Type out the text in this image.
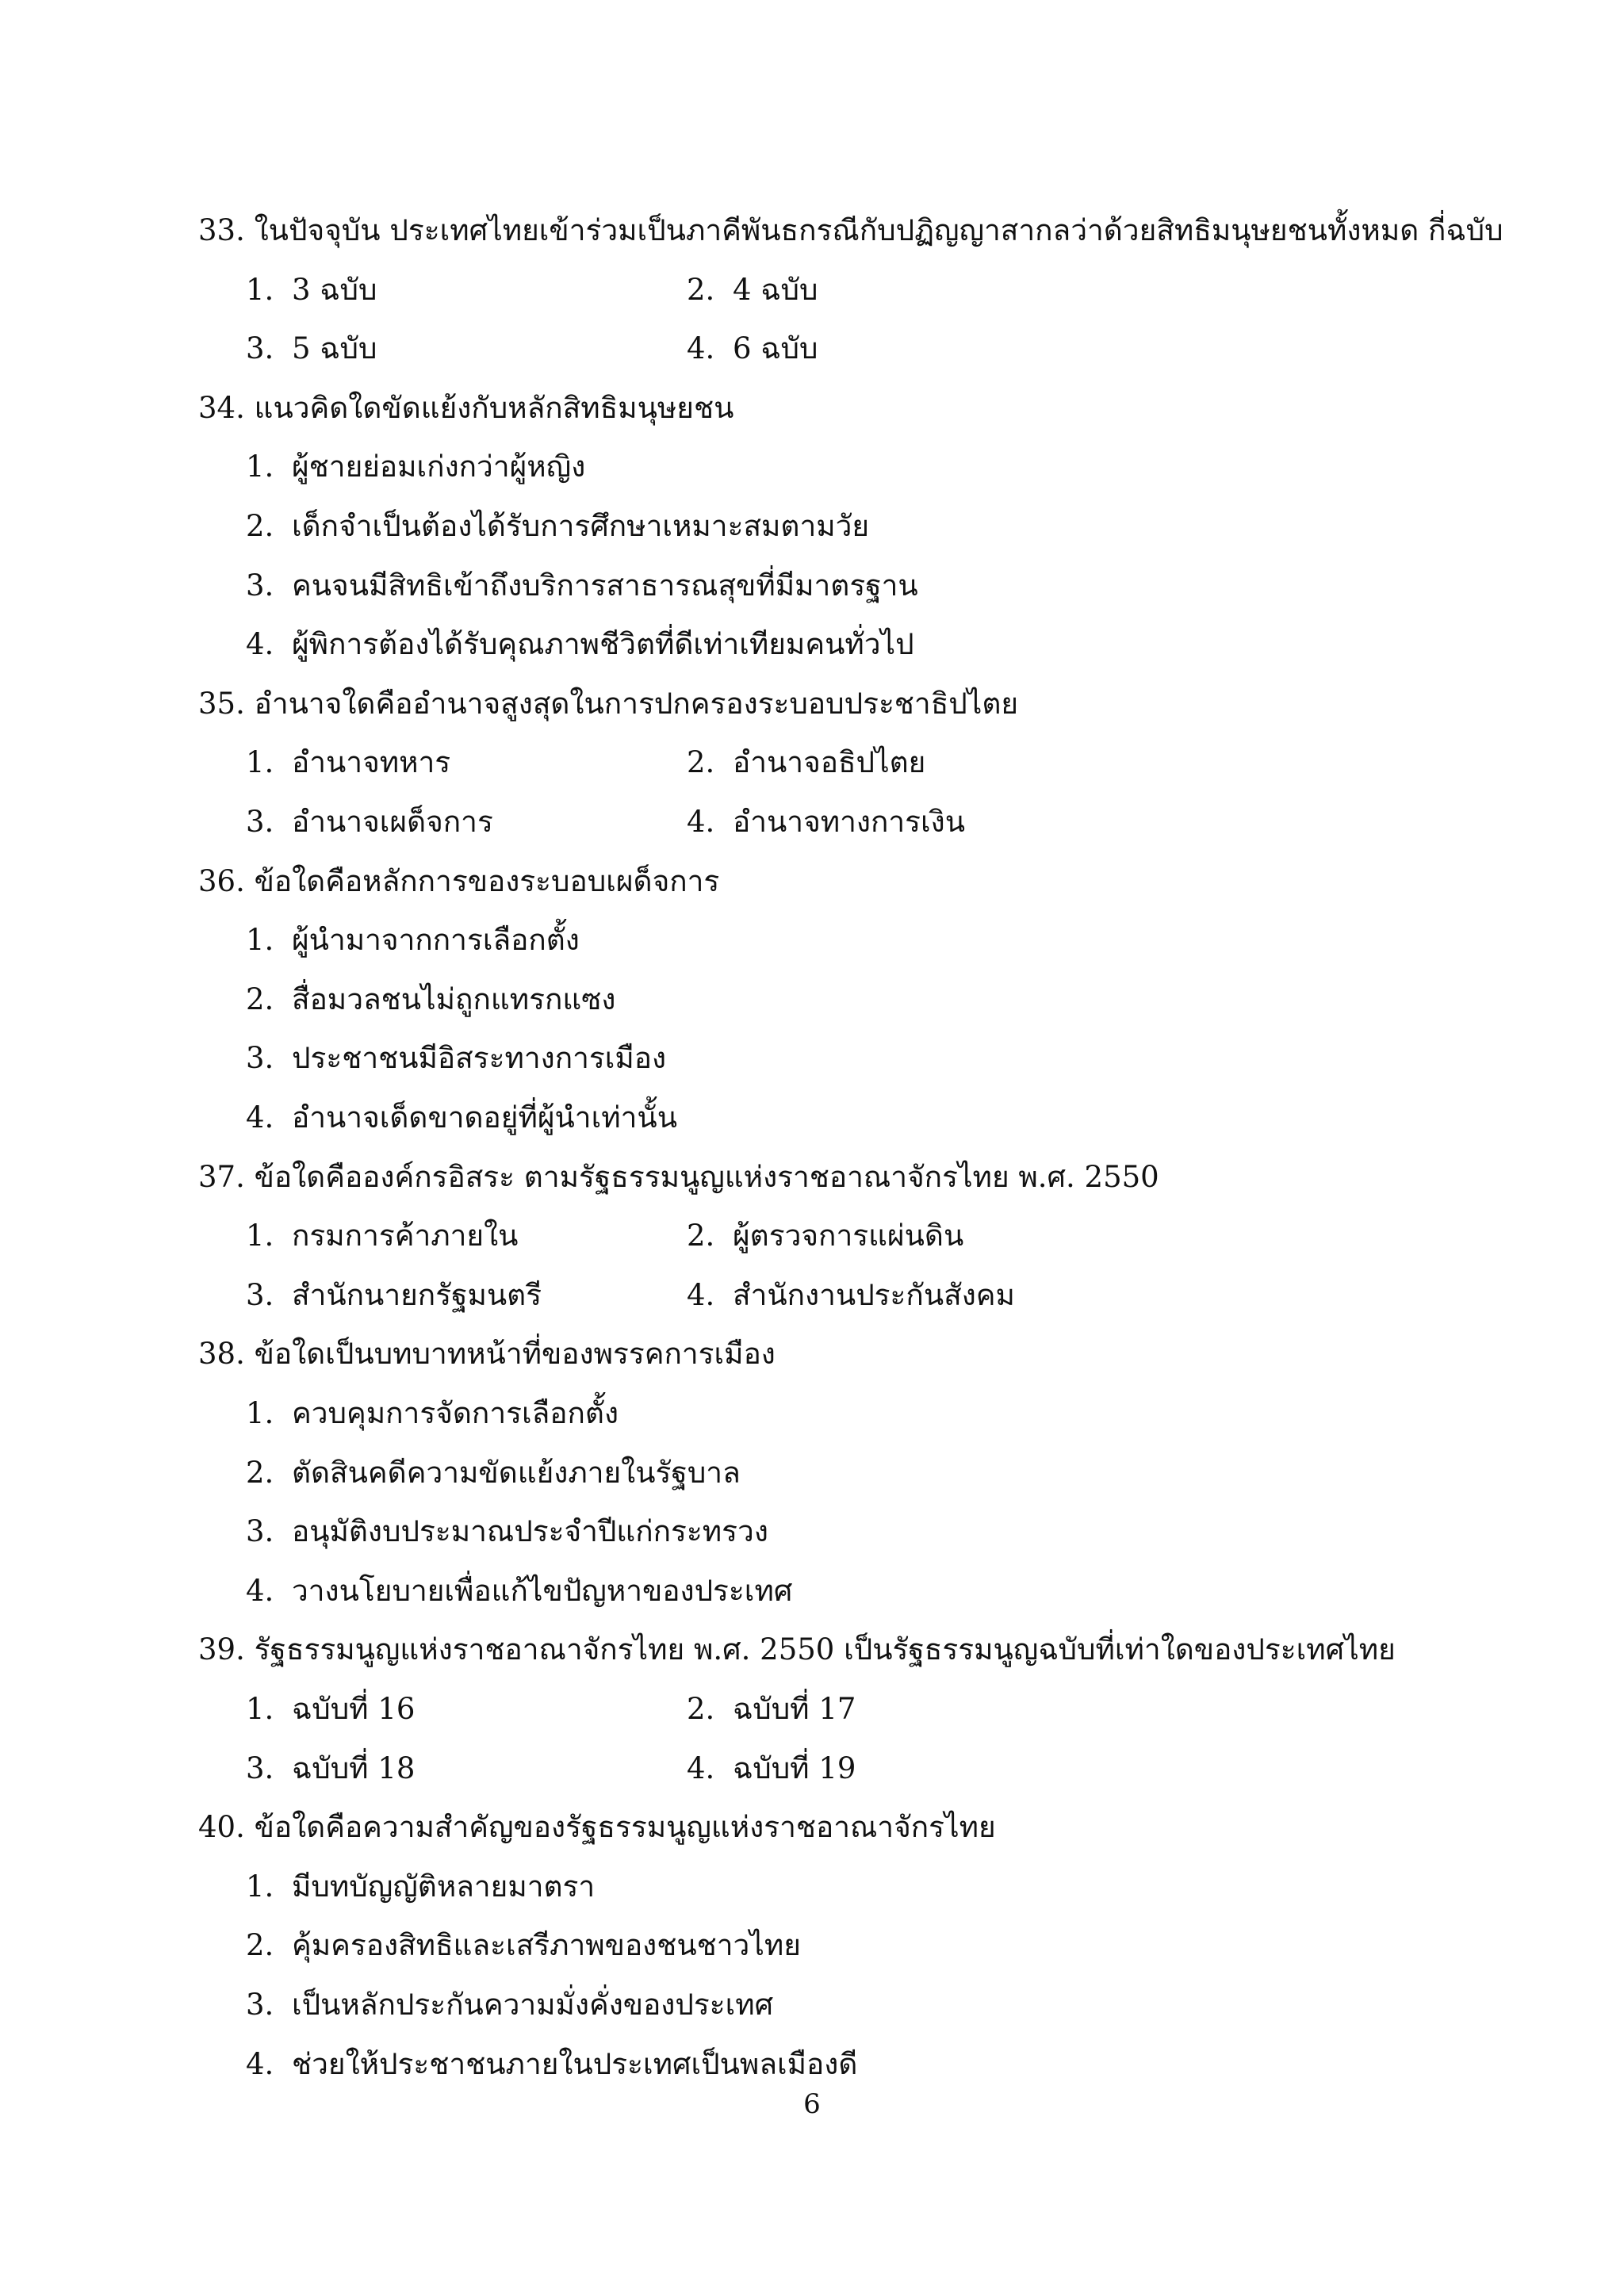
33. ในปัจจุบัน ประเทศไทยเข้าร่วมเป็นภาคีพันธกรณีกับปฏิญญาสากลว่าด้วยสิทธิมนุษยชนทั้งหมด กี่ฉบับ
1. 3 ฉบับ	2. 4 ฉบับ
3. 5 ฉบับ	4. 6 ฉบับ
34. แนวคิดใดขัดแย้งกับหลักสิทธิมนุษยชน
1. ผู้ชายย่อมเก่งกว่าผู้หญิง
2. เด็กจำเป็นต้องได้รับการศึกษาเหมาะสมตามวัย
3. คนจนมีสิทธิเข้าถึงบริการสาธารณสุขที่มีมาตรฐาน
4. ผู้พิการต้องได้รับคุณภาพชีวิตที่ดีเท่าเทียมคนทั่วไป
35. อำนาจใดคืออำนาจสูงสุดในการปกครองระบอบประชาธิปไตย
1. อำนาจทหาร	2. อำนาจอธิปไตย
3. อำนาจเผด็จการ	4. อำนาจทางการเงิน
36. ข้อใดคือหลักการของระบอบเผด็จการ
1. ผู้นำมาจากการเลือกตั้ง
2. สื่อมวลชนไม่ถูกแทรกแซง
3. ประชาชนมีอิสระทางการเมือง
4. อำนาจเด็ดขาดอยู่ที่ผู้นำเท่านั้น
37. ข้อใดคือองค์กรอิสระ ตามรัฐธรรมนูญแห่งราชอาณาจักรไทย พ.ศ. 2550
1. กรมการค้าภายใน	2. ผู้ตรวจการแผ่นดิน
3. สำนักนายกรัฐมนตรี	4. สำนักงานประกันสังคม
38. ข้อใดเป็นบทบาทหน้าที่ของพรรคการเมือง
1. ควบคุมการจัดการเลือกตั้ง
2. ตัดสินคดีความขัดแย้งภายในรัฐบาล
3. อนุมัติงบประมาณประจำปีแก่กระทรวง
4. วางนโยบายเพื่อแก้ไขปัญหาของประเทศ
39. รัฐธรรมนูญแห่งราชอาณาจักรไทย พ.ศ. 2550 เป็นรัฐธรรมนูญฉบับที่เท่าใดของประเทศไทย
1. ฉบับที่ 16	2. ฉบับที่ 17
3. ฉบับที่ 18	4. ฉบับที่ 19
40. ข้อใดคือความสำคัญของรัฐธรรมนูญแห่งราชอาณาจักรไทย
1. มีบทบัญญัติหลายมาตรา
2. คุ้มครองสิทธิและเสรีภาพของชนชาวไทย
3. เป็นหลักประกันความมั่งคั่งของประเทศ
4. ช่วยให้ประชาชนภายในประเทศเป็นพลเมืองดี
6
